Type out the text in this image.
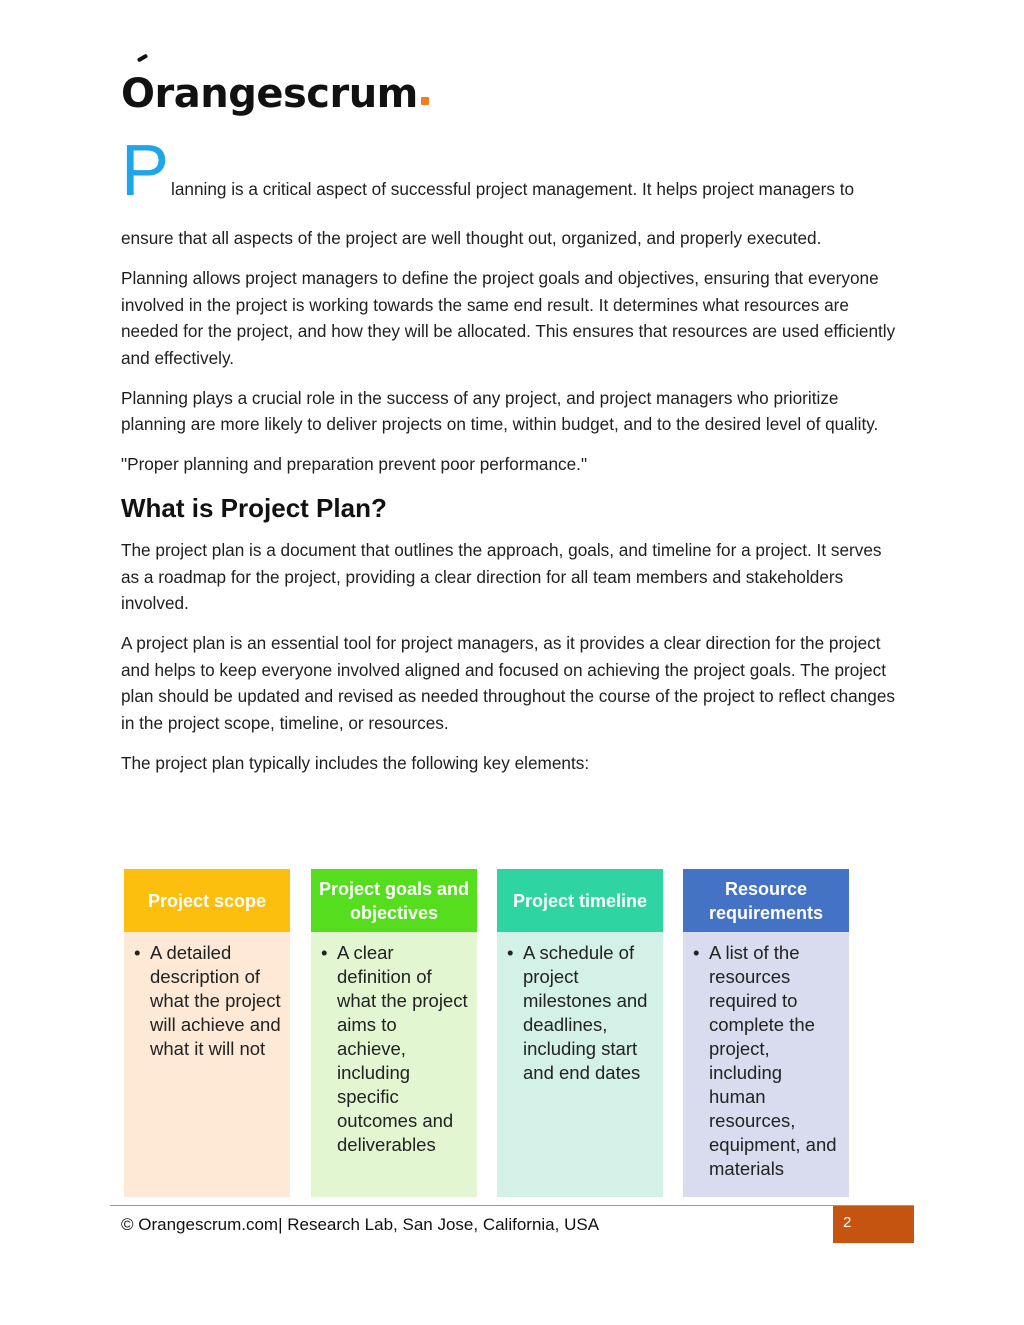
Orangescrum
P lanning is a critical aspect of successful project management. It helps project managers to

ensure that all aspects of the project are well thought out, organized, and properly executed.

Planning allows project managers to define the project goals and objectives, ensuring that everyone involved in the project is working towards the same end result. It determines what resources are needed for the project, and how they will be allocated. This ensures that resources are used efficiently and effectively.

Planning plays a crucial role in the success of any project, and project managers who prioritize planning are more likely to deliver projects on time, within budget, and to the desired level of quality.

"Proper planning and preparation prevent poor performance."

What is Project Plan?

The project plan is a document that outlines the approach, goals, and timeline for a project. It serves as a roadmap for the project, providing a clear direction for all team members and stakeholders involved.

A project plan is an essential tool for project managers, as it provides a clear direction for the project and helps to keep everyone involved aligned and focused on achieving the project goals. The project plan should be updated and revised as needed throughout the course of the project to reflect changes in the project scope, timeline, or resources.

The project plan typically includes the following key elements:

Project scope
• A detailed description of what the project will achieve and what it will not
Project goals and objectives
• A clear definition of what the project aims to achieve, including specific outcomes and deliverables
Project timeline
• A schedule of project milestones and deadlines, including start and end dates
Resource requirements
• A list of the resources required to complete the project, including human resources, equipment, and materials
© Orangescrum.com| Research Lab, San Jose, California, USA	2
